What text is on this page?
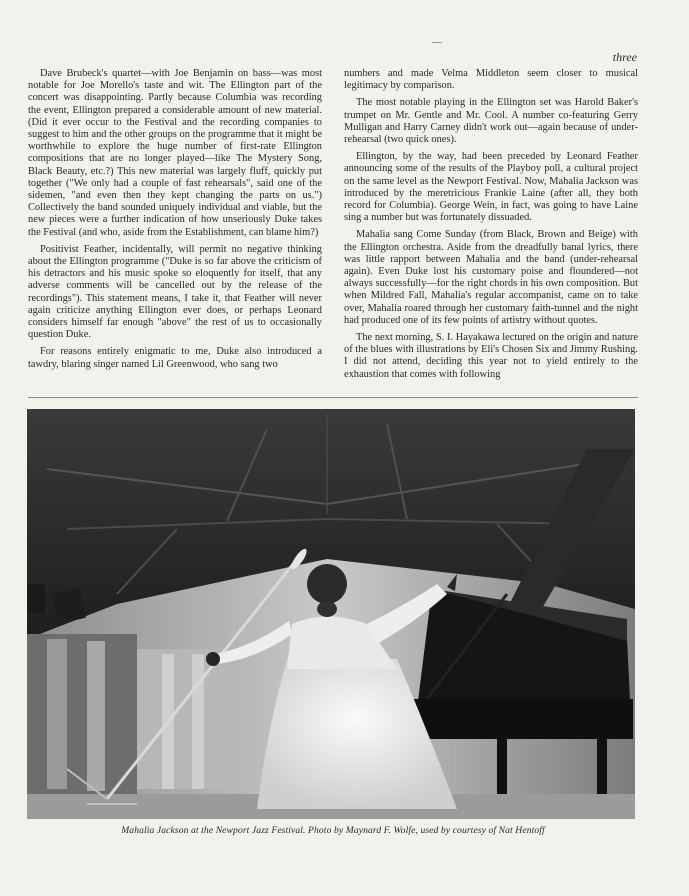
three

Dave Brubeck's quartet—with Joe Benjamin on bass—was most notable for Joe Morello's taste and wit. The Ellington part of the concert was disappointing. Partly because Columbia was recording the event, Ellington prepared a considerable amount of new material. (Did it ever occur to the Festival and the recording companies to suggest to him and the other groups on the programme that it might be worthwhile to explore the huge number of first-rate Ellington compositions that are no longer played—like The Mystery Song, Black Beauty, etc.?) This new material was largely fluff, quickly put together ("We only had a couple of fast rehearsals", said one of the sidemen, "and even then they kept changing the parts on us.") Collectively the band sounded uniquely individual and viable, but the new pieces were a further indication of how unseriously Duke takes the Festival (and who, aside from the Establishment, can blame him?)

Positivist Feather, incidentally, will permit no negative thinking about the Ellington programme ("Duke is so far above the criticism of his detractors and his music spoke so eloquently for itself, that any adverse comments will be cancelled out by the release of the recordings"). This statement means, I take it, that Feather will never again criticize anything Ellington ever does, or perhaps Leonard considers himself far enough "above" the rest of us to occasionally question Duke.

For reasons entirely enigmatic to me, Duke also introduced a tawdry, blaring singer named Lil Greenwood, who sang two

numbers and made Velma Middleton seem closer to musical legitimacy by comparison.

The most notable playing in the Ellington set was Harold Baker's trumpet on Mr. Gentle and Mr. Cool. A number co-featuring Gerry Mulligan and Harry Carney didn't work out—again because of under-rehearsal (two quick ones).

Ellington, by the way, had been preceded by Leonard Feather announcing some of the results of the Playboy poll, a cultural project on the same level as the Newport Festival. Now, Mahalia Jackson was introduced by the meretricious Frankie Laine (after all, they both record for Columbia). George Wein, in fact, was going to have Laine sing a number but was fortunately dissuaded.

Mahalia sang Come Sunday (from Black, Brown and Beige) with the Ellington orchestra. Aside from the dreadfully banal lyrics, there was little rapport between Mahalia and the band (under-rehearsal again). Even Duke lost his customary poise and floundered—not always successfully—for the right chords in his own composition. But when Mildred Fall, Mahalia's regular accompanist, came on to take over, Mahalia roared through her customary faith-tunnel and the night had produced one of its few points of artistry without quotes.

The next morning, S. I. Hayakawa lectured on the origin and nature of the blues with illustrations by Eli's Chosen Six and Jimmy Rushing. I did not attend, deciding this year not to yield entirely to the exhaustion that comes with following

Mahalia Jackson at the Newport Jazz Festival. Photo by Maynard F. Wolfe, used by courtesy of Nat Hentoff
